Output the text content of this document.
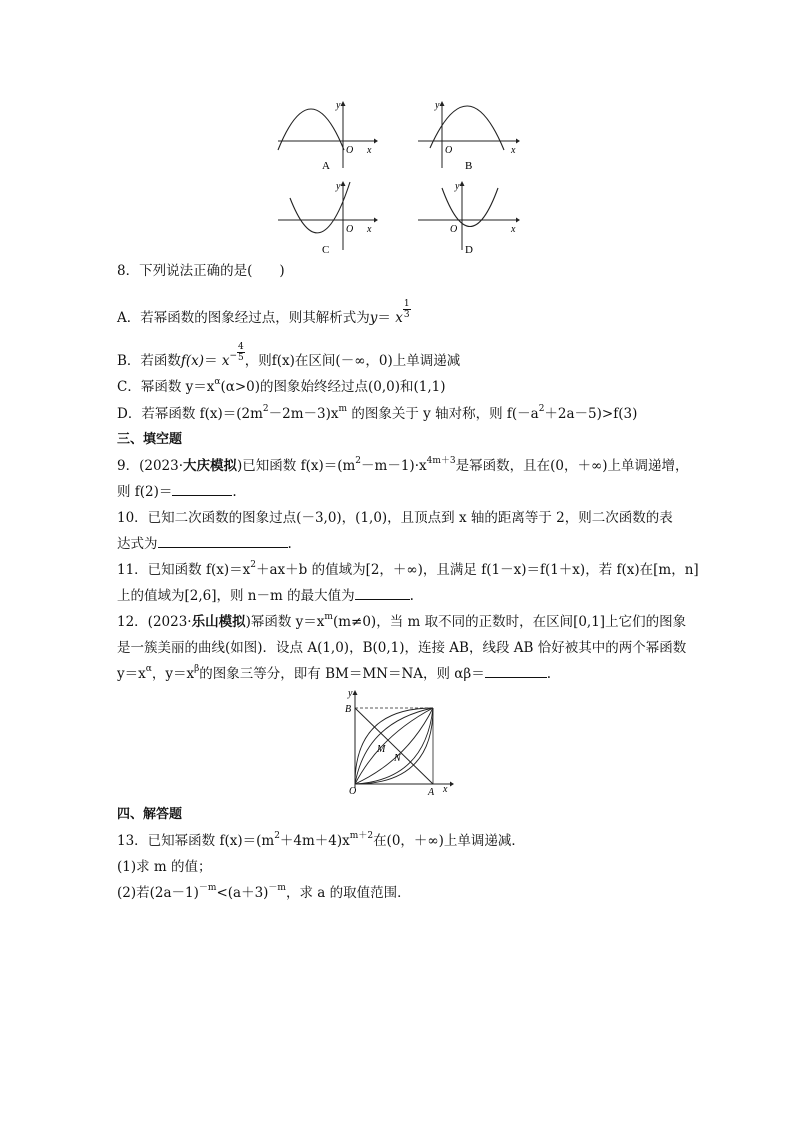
y
O x
A
y
O	x
B
y
O x
C
y
O	x
D
8．下列说法正确的是(　　)
A．若幂函数的图象经过点，则其解析式为y＝ x $\frac{1}{3}$
B．若函数$f(x)= x^- \frac{4}{5}$ ，则f(x)在区间(－∞，0)上单调递减
C．幂函数 $y=x^\alpha(\alpha>0)$的图象始终经过点(0,0)和(1,1)
D．若幂函数 $f(x)=(2m^2-2m-3)x^m$ 的图象关于 y 轴对称，则 $f(-a^2+2a-5)>f(3)$
三、填空题
9．(2023·大庆模拟)已知函数 $f(x)=(m^2-m-1)\cdot x^{4m+3}$是幂函数，且在(0，＋∞)上单调递增，
则 f(2)＝	.
10．已知二次函数的图象过点(－3,0)，(1,0)，且顶点到 x 轴的距离等于 2，则二次函数的表
达式为	.
11．已知函数 $f(x)=x^2+ax+b$ 的值域为[2，＋∞)，且满足 f(1－x)＝f(1＋x)，若 f(x)在[m，n]
上的值域为[2,6]，则 n－m 的最大值为	.
12．(2023·乐山模拟)幂函数 $y=x^m(m\ne 0)$，当 m 取不同的正数时，在区间[0,1]上它们的图象
是一簇美丽的曲线(如图)．设点 A(1,0)，B(0,1)，连接 AB，线段 AB 恰好被其中的两个幂函数
$y=x^\alpha$，$y=x^\beta$的图象三等分，即有 BM＝MN＝NA，则 αβ＝	.
y
B
M
N
O	A x
四、解答题
13．已知幂函数 $f(x)=(m^2+4m+4)x^{m+2}$在(0，＋∞)上单调递减．
(1)求 m 的值；
(2)若$(2a-1)^{-m}<(a+3)^{-m}$，求 a 的取值范围．
